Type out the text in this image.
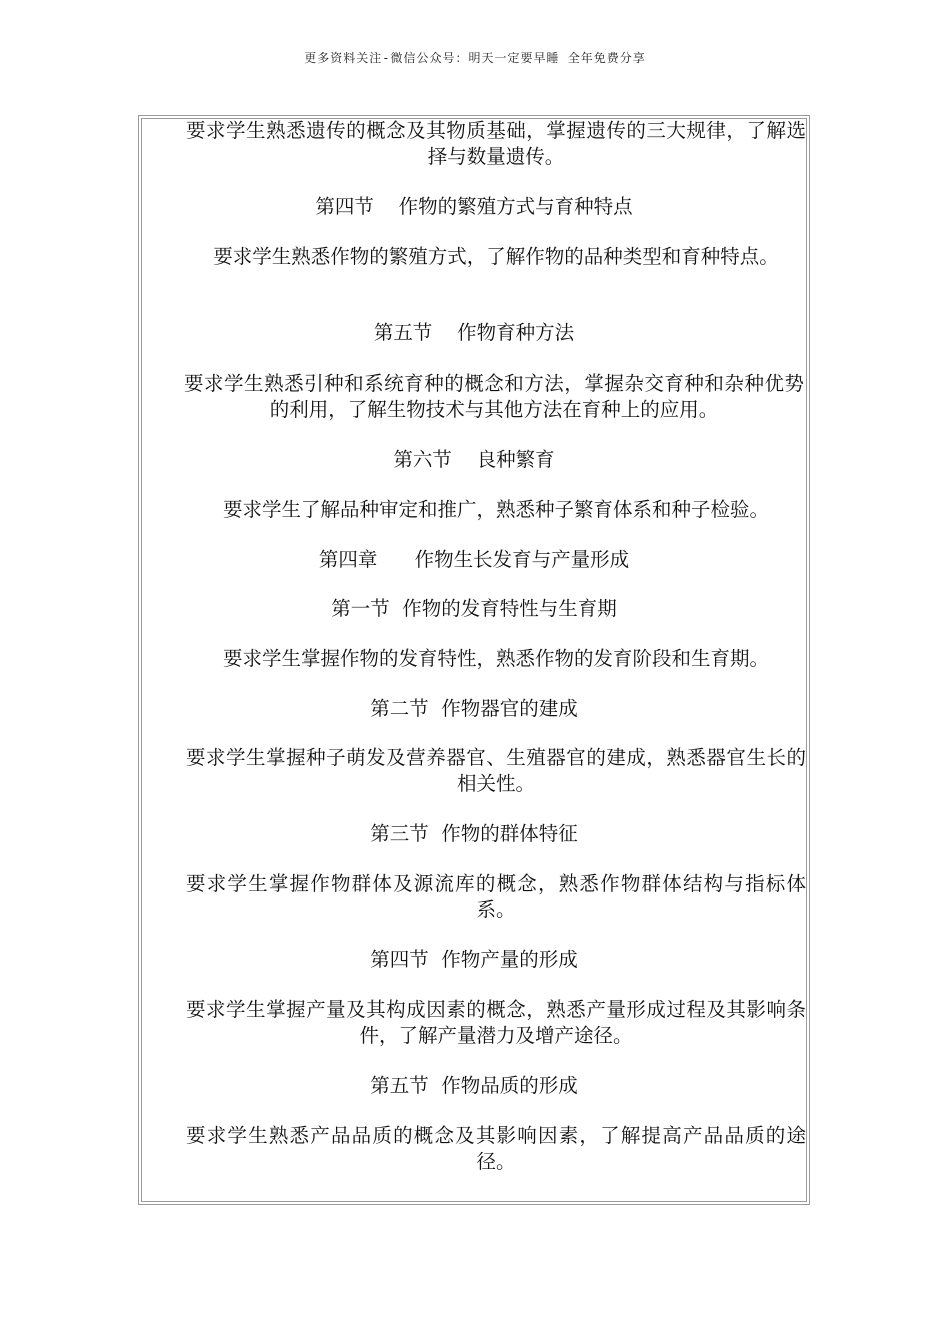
更多资料关注-微信公众号：明天一定要早睡 全年免费分享

要求学生熟悉遗传的概念及其物质基础，掌握遗传的三大规律，了解选择与数量遗传。

第四节    作物的繁殖方式与育种特点

要求学生熟悉作物的繁殖方式，了解作物的品种类型和育种特点。

第五节    作物育种方法

要求学生熟悉引种和系统育种的概念和方法，掌握杂交育种和杂种优势的利用，了解生物技术与其他方法在育种上的应用。

第六节    良种繁育

要求学生了解品种审定和推广，熟悉种子繁育体系和种子检验。

第四章      作物生长发育与产量形成

第一节  作物的发育特性与生育期

要求学生掌握作物的发育特性，熟悉作物的发育阶段和生育期。

第二节  作物器官的建成

要求学生掌握种子萌发及营养器官、生殖器官的建成，熟悉器官生长的相关性。

第三节  作物的群体特征

要求学生掌握作物群体及源流库的概念，熟悉作物群体结构与指标体系。

第四节  作物产量的形成

要求学生掌握产量及其构成因素的概念，熟悉产量形成过程及其影响条件，了解产量潜力及增产途径。

第五节  作物品质的形成

要求学生熟悉产品品质的概念及其影响因素，了解提高产品品质的途径。
